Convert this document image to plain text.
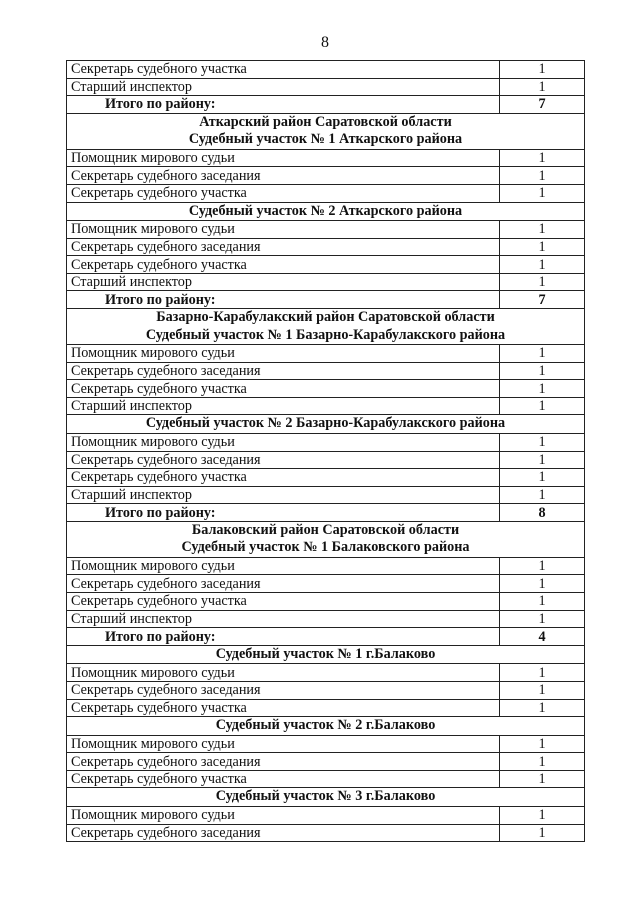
8
Секретарь судебного участка	1
Старший инспектор	1
Итого по району:	7

Аткарский район Саратовской области
Судебный участок № 1 Аткарского района	

Помощник мирового судьи	1
Секретарь судебного заседания	1
Секретарь судебного участка	1

Судебный участок № 2 Аткарского района	

Помощник мирового судьи	1
Секретарь судебного заседания	1
Секретарь судебного участка	1
Старший инспектор	1
Итого по району:	7

Базарно-Карабулакский район Саратовской области
Судебный участок № 1 Базарно-Карабулакского района	

Помощник мирового судьи	1
Секретарь судебного заседания	1
Секретарь судебного участка	1
Старший инспектор	1

Судебный участок № 2 Базарно-Карабулакского района	

Помощник мирового судьи	1
Секретарь судебного заседания	1
Секретарь судебного участка	1
Старший инспектор	1
Итого по району:	8

Балаковский район Саратовской области
Судебный участок № 1 Балаковского района	

Помощник мирового судьи	1
Секретарь судебного заседания	1
Секретарь судебного участка	1
Старший инспектор	1
Итого по району:	4

Судебный участок № 1 г.Балаково	

Помощник мирового судьи	1
Секретарь судебного заседания	1
Секретарь судебного участка	1

Судебный участок № 2 г.Балаково	

Помощник мирового судьи	1
Секретарь судебного заседания	1
Секретарь судебного участка	1

Судебный участок № 3 г.Балаково	

Помощник мирового судьи	1
Секретарь судебного заседания	1
